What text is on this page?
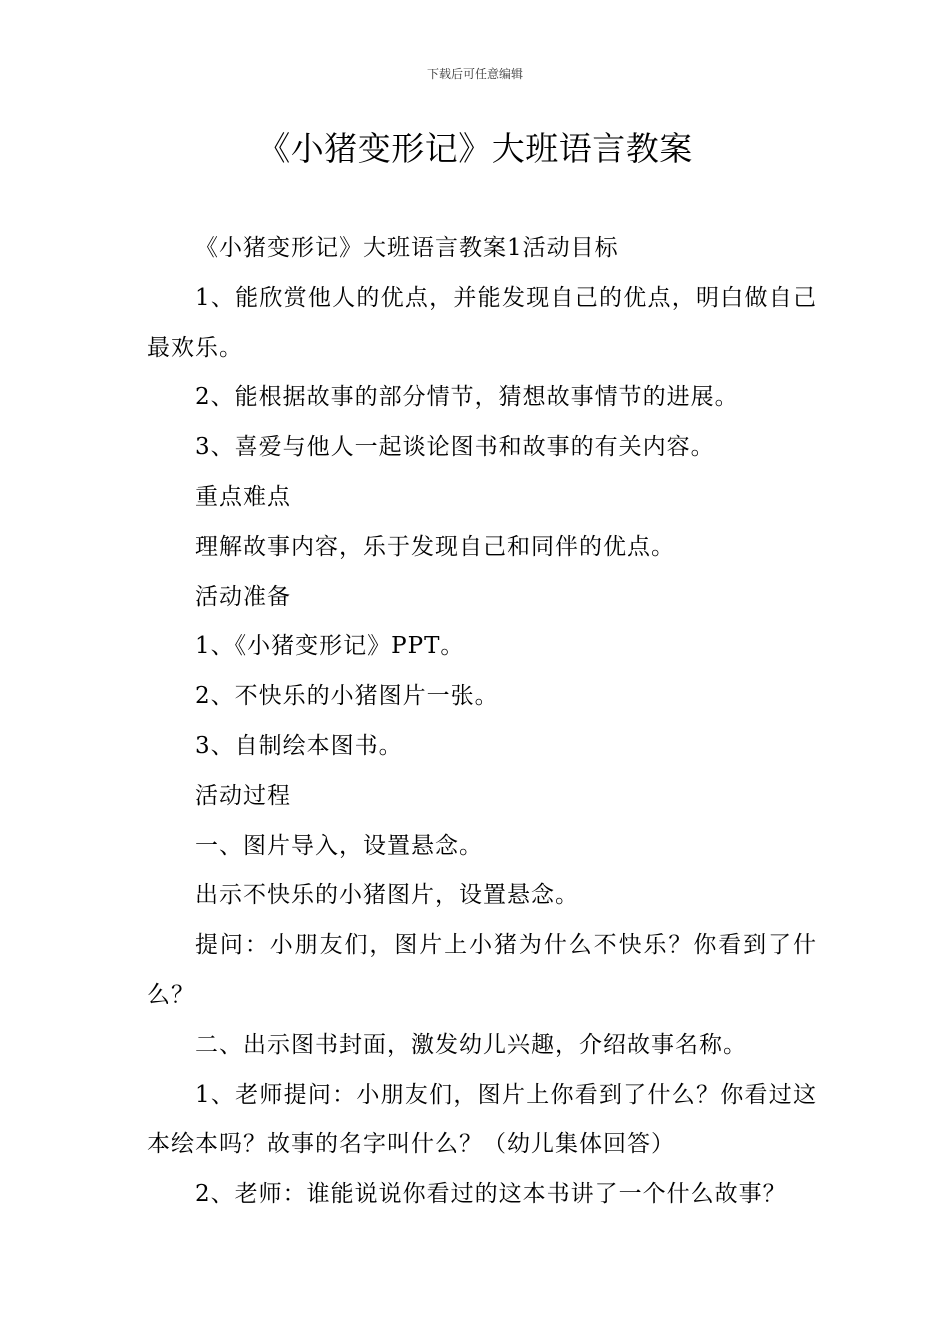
下载后可任意编辑
《小猪变形记》大班语言教案

《小猪变形记》大班语言教案1活动目标

1、能欣赏他人的优点，并能发现自己的优点，明白做自己最欢乐。

2、能根据故事的部分情节，猜想故事情节的进展。

3、喜爱与他人一起谈论图书和故事的有关内容。

重点难点

理解故事内容，乐于发现自己和同伴的优点。

活动准备

1、《小猪变形记》PPT。

2、不快乐的小猪图片一张。

3、自制绘本图书。

活动过程

一、图片导入，设置悬念。

出示不快乐的小猪图片，设置悬念。

提问：小朋友们，图片上小猪为什么不快乐？你看到了什么？

二、出示图书封面，激发幼儿兴趣，介绍故事名称。

1、老师提问：小朋友们，图片上你看到了什么？你看过这本绘本吗？故事的名字叫什么？（幼儿集体回答）

2、老师：谁能说说你看过的这本书讲了一个什么故事？
